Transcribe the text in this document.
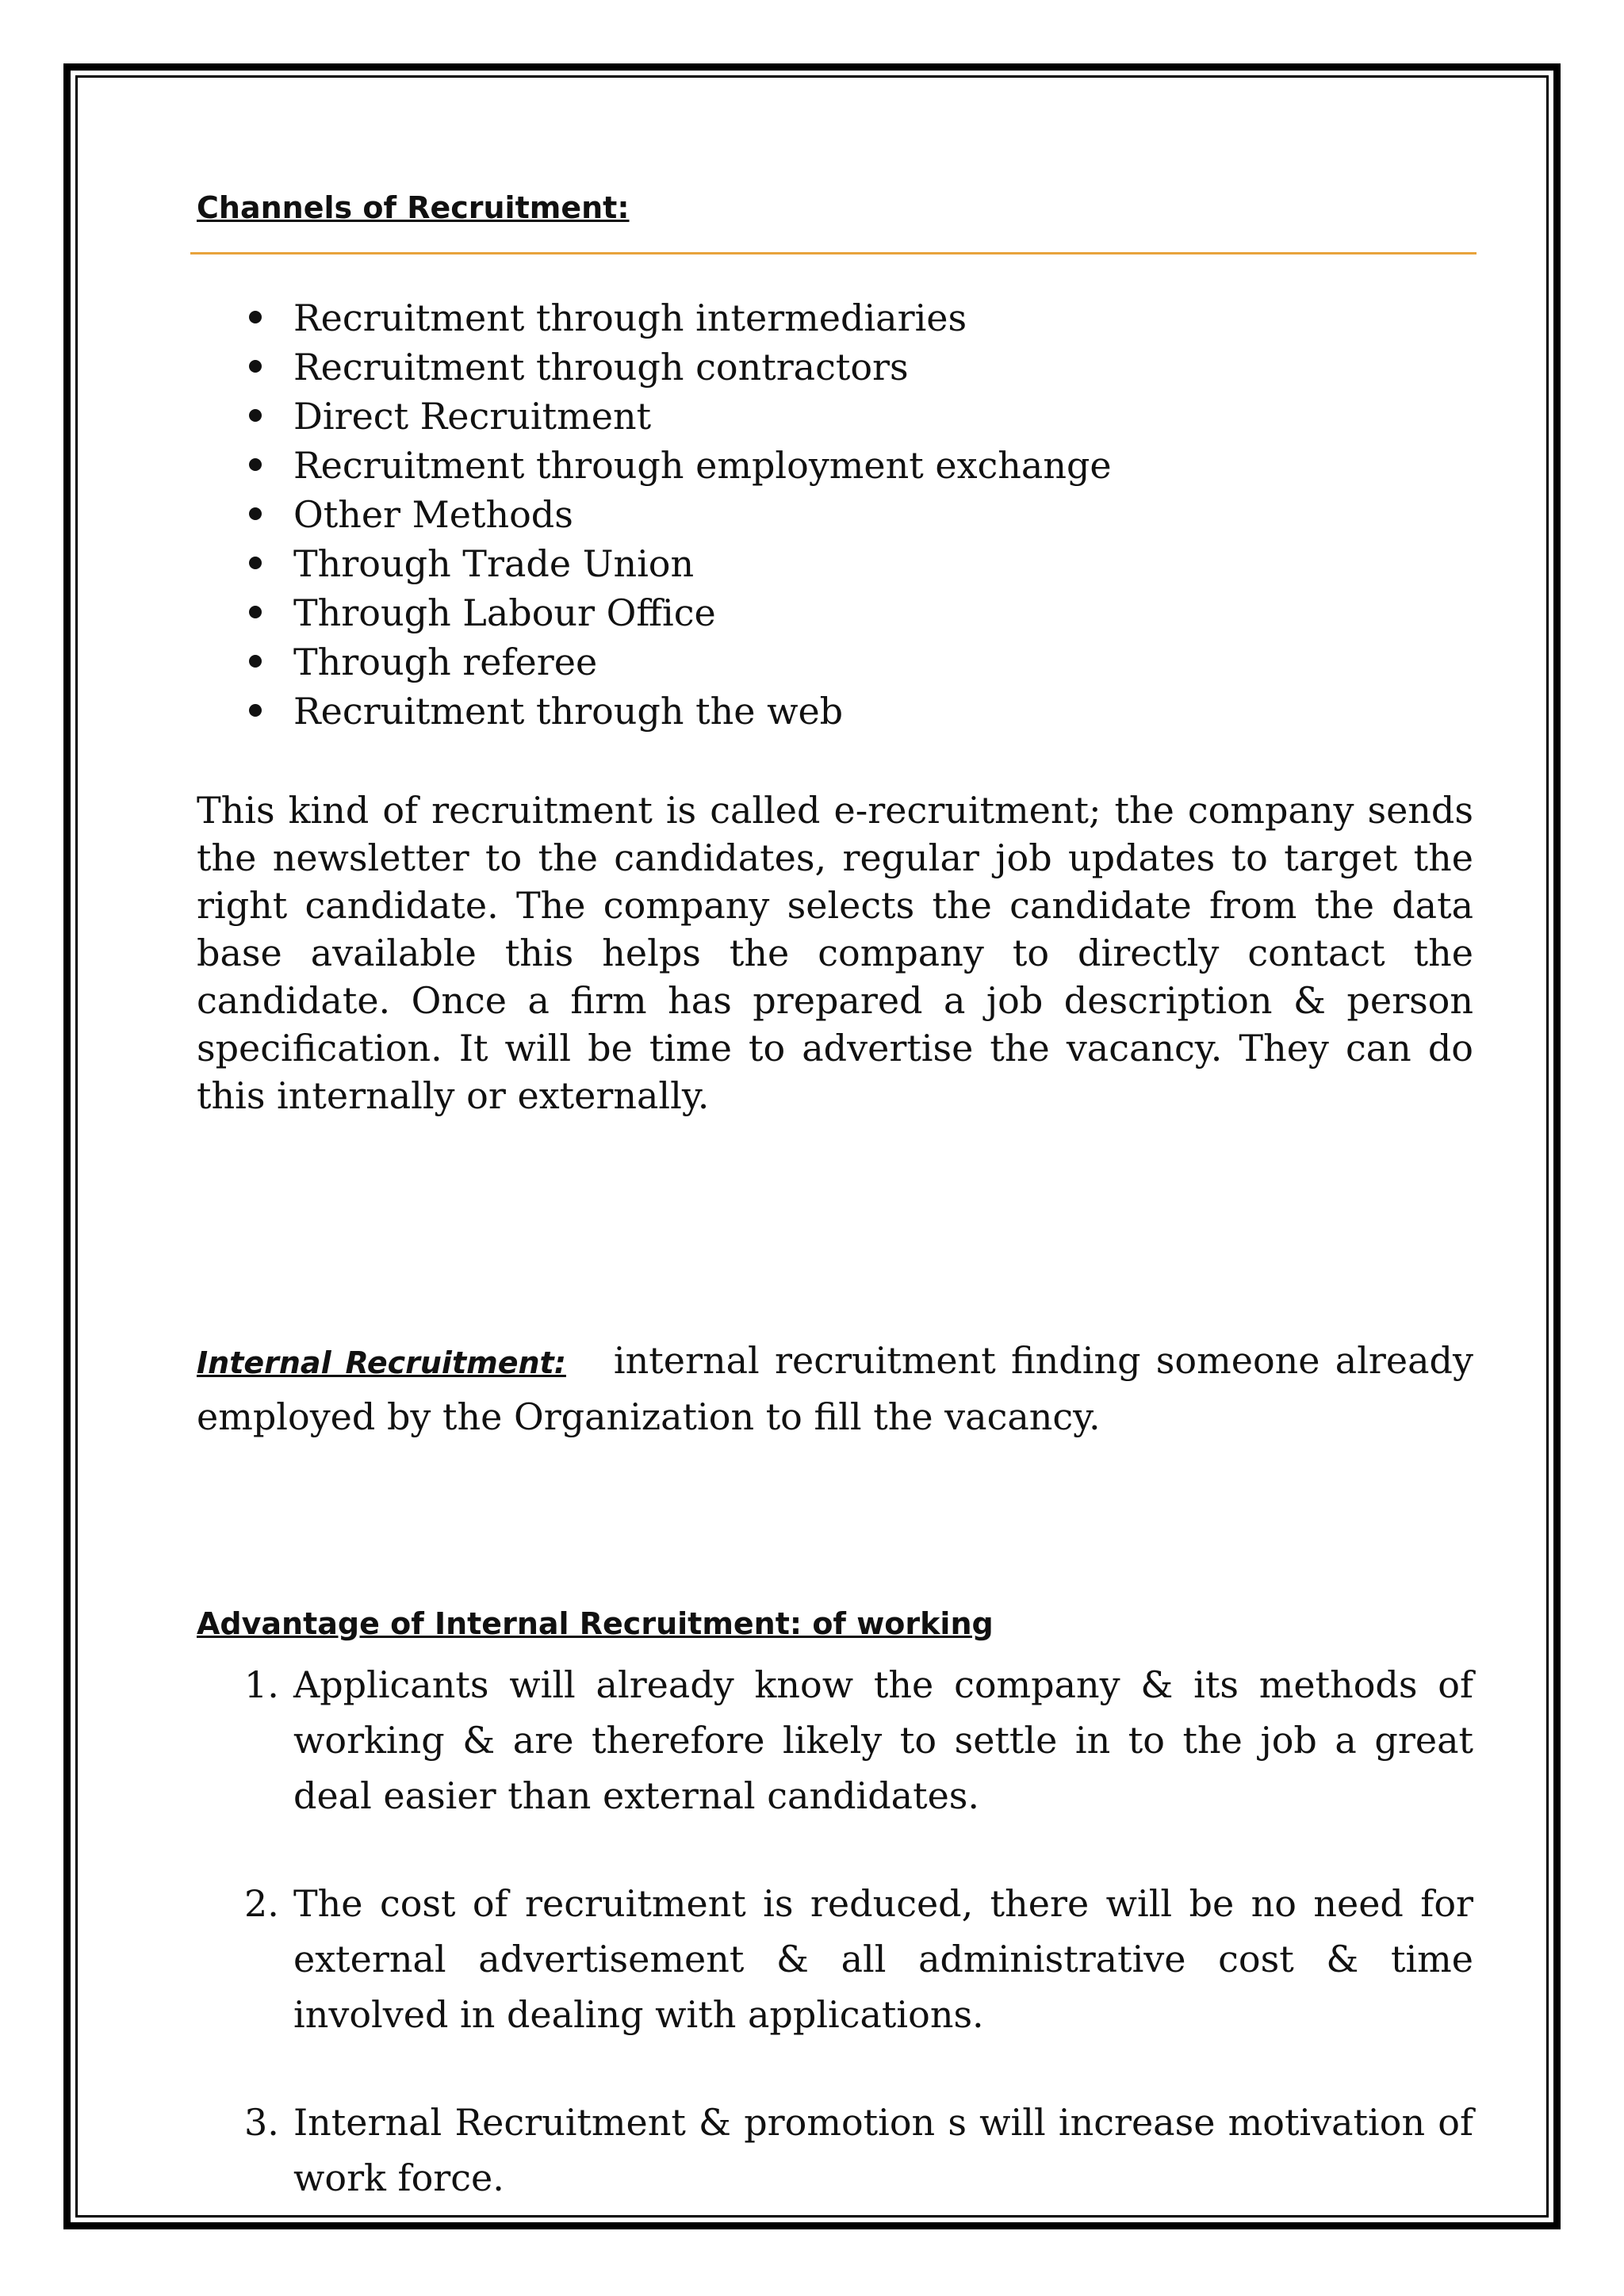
Channels of Recruitment:
Recruitment through intermediaries
Recruitment through contractors
Direct Recruitment
Recruitment through employment exchange
Other Methods
Through Trade Union
Through Labour Office
Through referee
Recruitment through the web

This kind of recruitment is called e-recruitment; the company sends the newsletter to the candidates, regular job updates to target the right candidate. The company selects the candidate from the data base available this helps the company to directly contact the candidate. Once a firm has prepared a job description & person specification. It will be time to advertise the vacancy. They can do this internally or externally.

Internal Recruitment: internal recruitment finding someone already employed by the Organization to fill the vacancy.

Advantage of Internal Recruitment: of working
1. Applicants will already know the company & its methods of working & are therefore likely to settle in to the job a great deal easier than external candidates.
2. The cost of recruitment is reduced, there will be no need for external advertisement & all administrative cost & time involved in dealing with applications.
3. Internal Recruitment & promotion s will increase motivation of work force.
